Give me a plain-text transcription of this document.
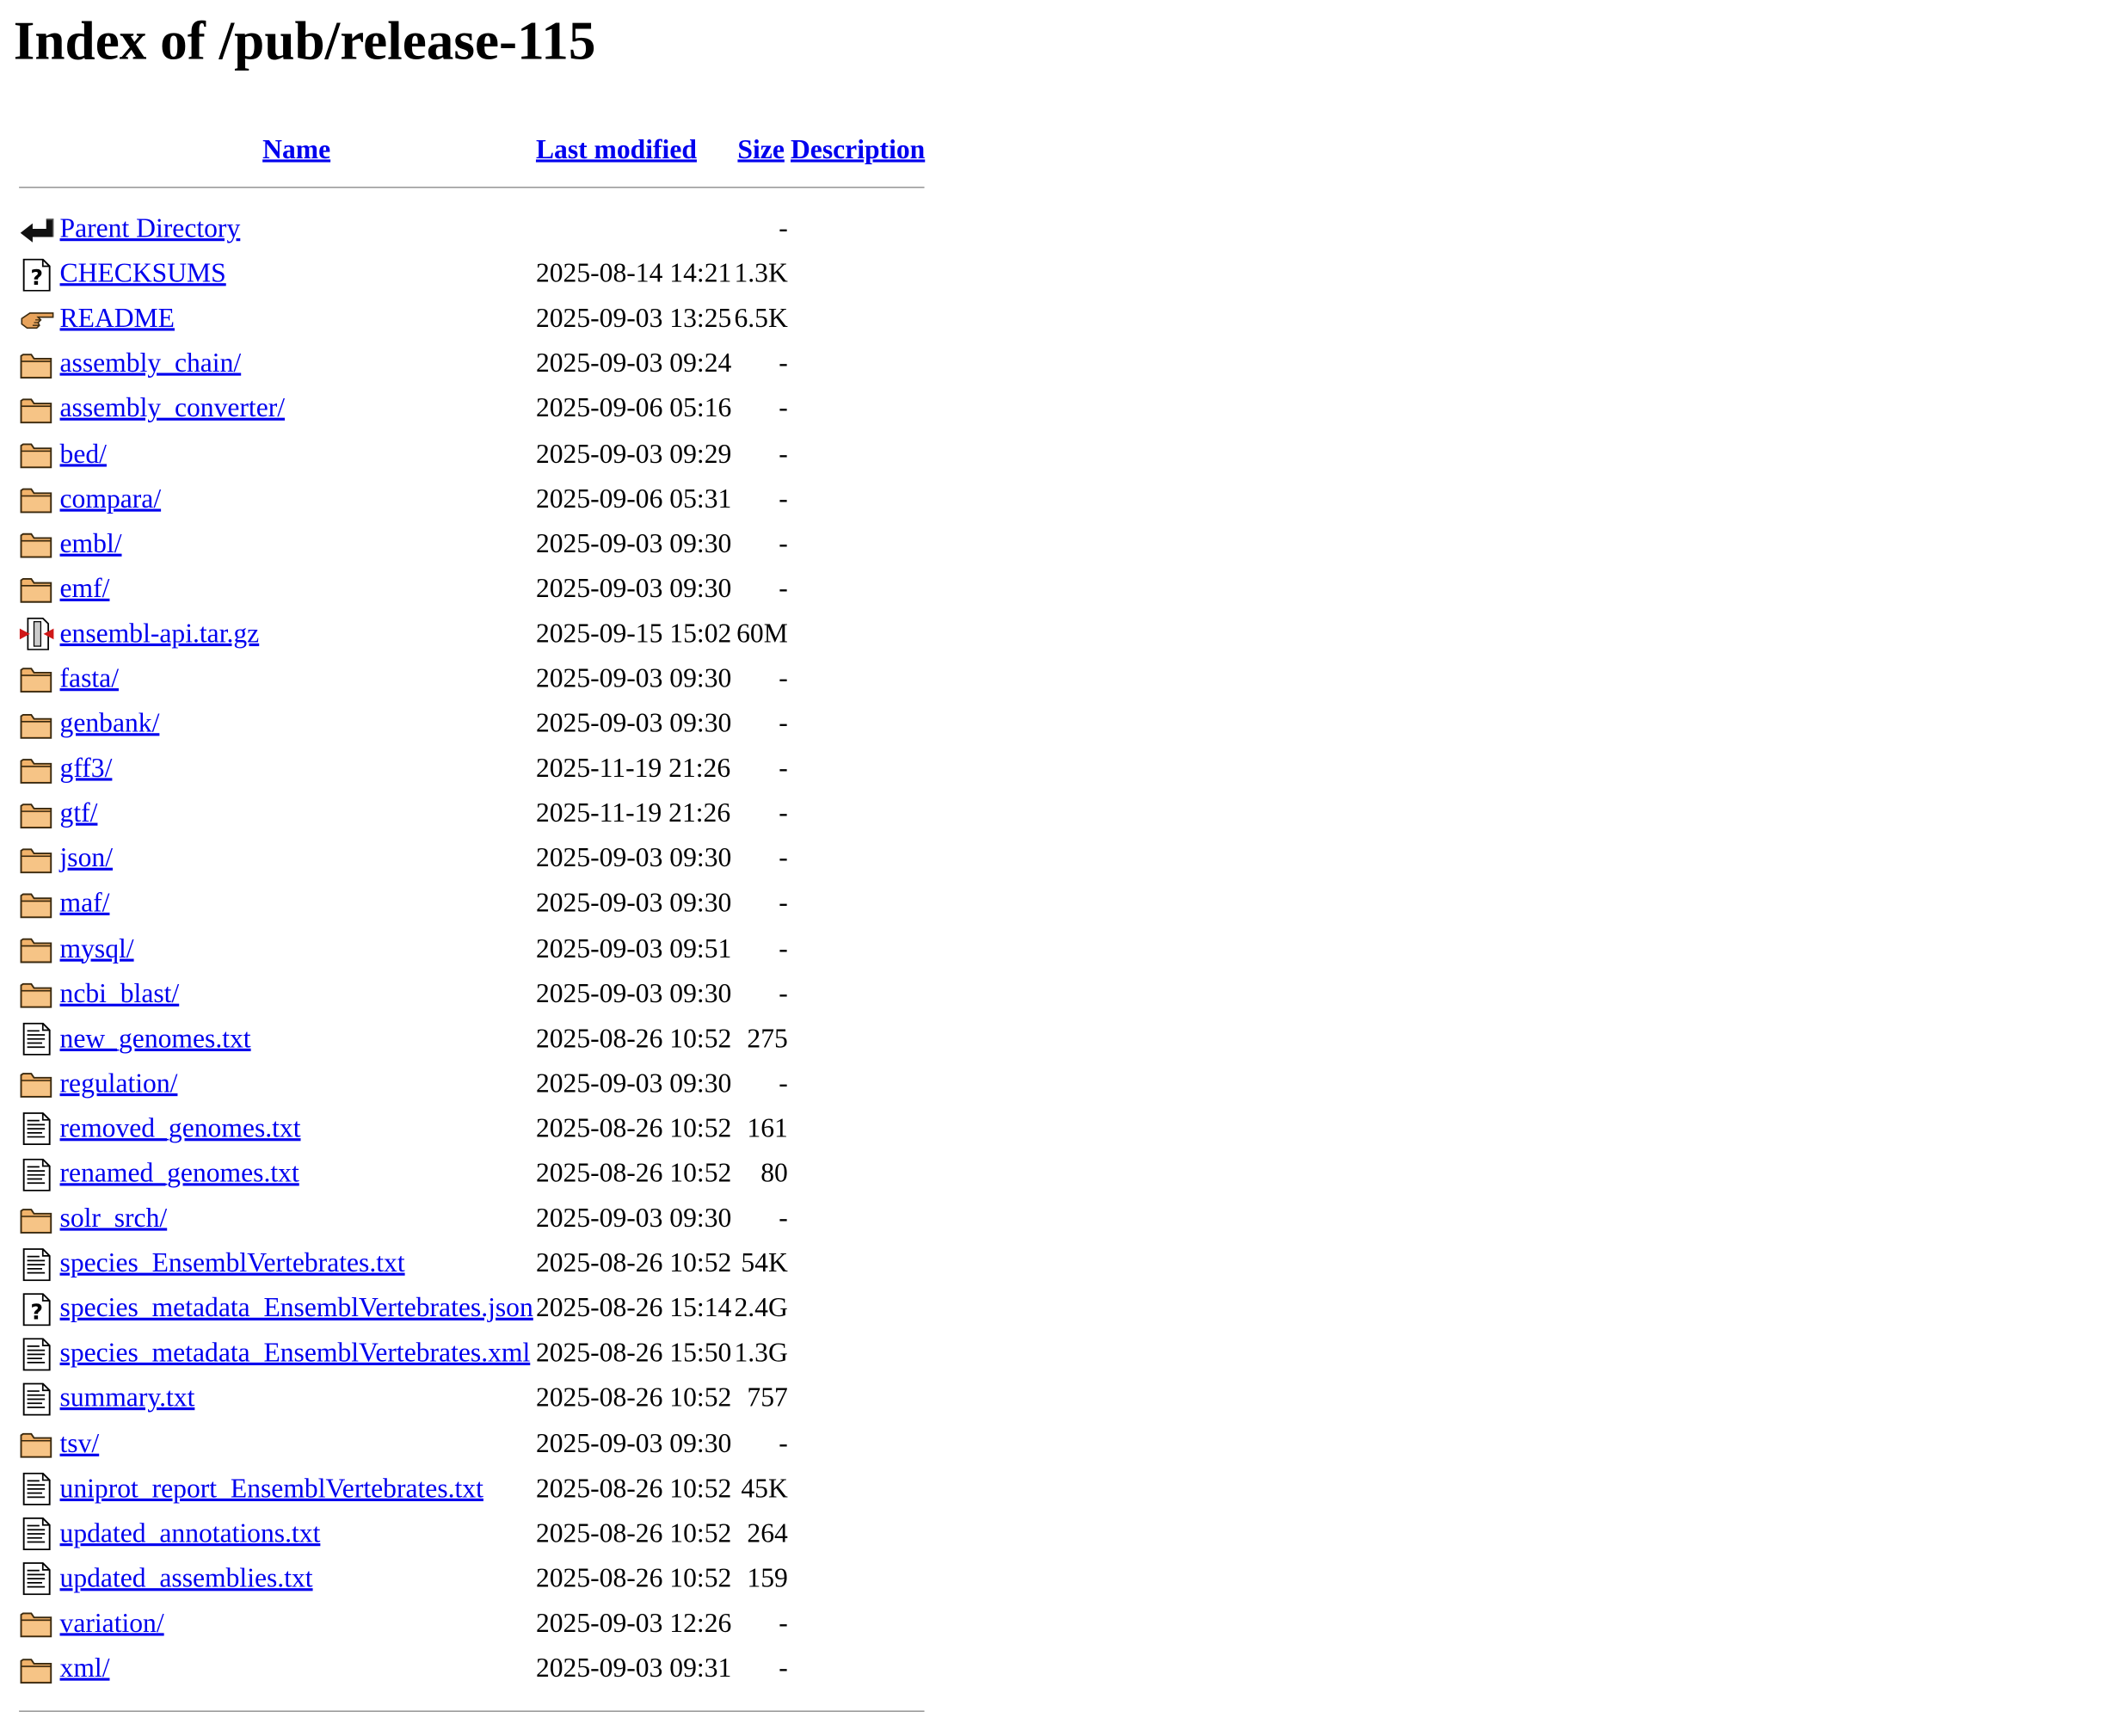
Index of /pub/release-115
	Name	Last modified	Size	Description

	Parent Directory		-	

?	CHECKSUMS	2025-08-14 14:21	1.3K	

	README	2025-09-03 13:25	6.5K	

	assembly_chain/	2025-09-03 09:24	-	

	assembly_converter/	2025-09-06 05:16	-	

	bed/	2025-09-03 09:29	-	

	compara/	2025-09-06 05:31	-	

	embl/	2025-09-03 09:30	-	

	emf/	2025-09-03 09:30	-	

	ensembl-api.tar.gz	2025-09-15 15:02	60M	

	fasta/	2025-09-03 09:30	-	

	genbank/	2025-09-03 09:30	-	

	gff3/	2025-11-19 21:26	-	

	gtf/	2025-11-19 21:26	-	

	json/	2025-09-03 09:30	-	

	maf/	2025-09-03 09:30	-	

	mysql/	2025-09-03 09:51	-	

	ncbi_blast/	2025-09-03 09:30	-	

	new_genomes.txt	2025-08-26 10:52	275	

	regulation/	2025-09-03 09:30	-	

	removed_genomes.txt	2025-08-26 10:52	161	

	renamed_genomes.txt	2025-08-26 10:52	80	

	solr_srch/	2025-09-03 09:30	-	

	species_EnsemblVertebrates.txt	2025-08-26 10:52	54K	

?	species_metadata_EnsemblVertebrates.json	2025-08-26 15:14	2.4G	

	species_metadata_EnsemblVertebrates.xml	2025-08-26 15:50	1.3G	

	summary.txt	2025-08-26 10:52	757	

	tsv/	2025-09-03 09:30	-	

	uniprot_report_EnsemblVertebrates.txt	2025-08-26 10:52	45K	

	updated_annotations.txt	2025-08-26 10:52	264	

	updated_assemblies.txt	2025-08-26 10:52	159	

	variation/	2025-09-03 12:26	-	

	xml/	2025-09-03 09:31	-	
